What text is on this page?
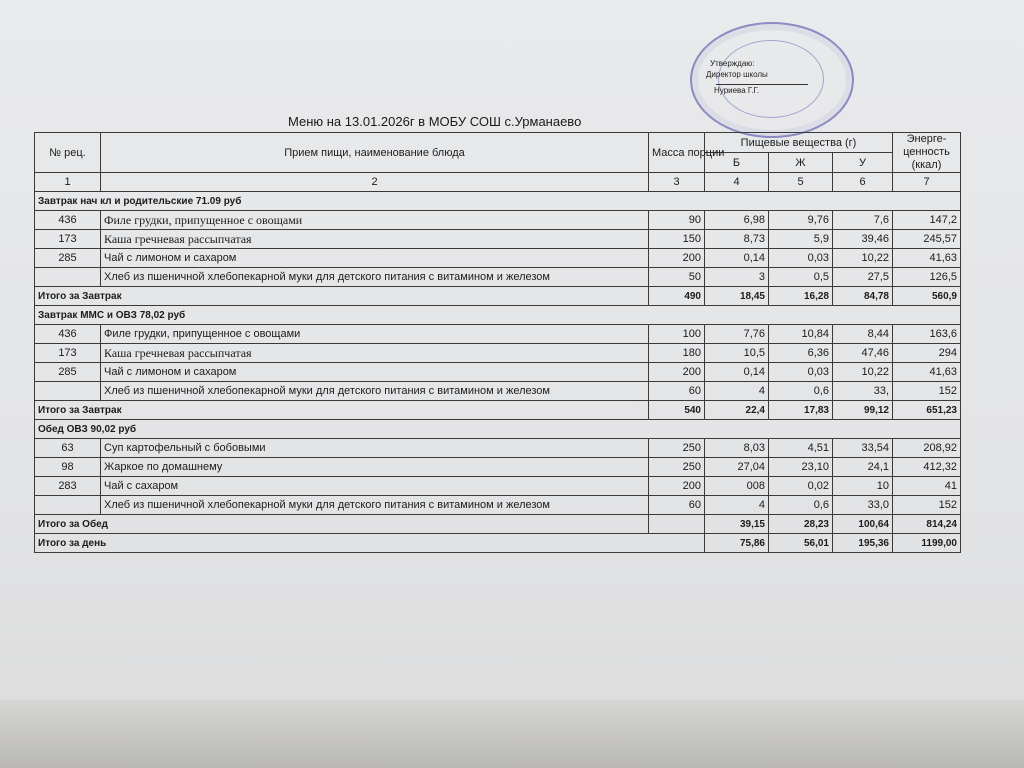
Утверждаю:
Директор школы
Нуриева Г.Г.
Меню на 13.01.2026г в МОБУ СОШ с.Урманаево
№ рец.	Прием пищи, наименование блюда	Масса порции	Пищевые вещества (г)			Энерге-ценность (ккал)
			Б	Ж	У	
1	2	3	4	5	6	7
Завтрак нач кл и родительские 71.09 руб						
436	Филе грудки, припущенное с овощами	90	6,98	9,76	7,6	147,2
173	Каша гречневая рассыпчатая	150	8,73	5,9	39,46	245,57
285	Чай с лимоном и сахаром	200	0,14	0,03	10,22	41,63
	Хлеб из пшеничной хлебопекарной муки для детского питания с витамином и железом	50	3	0,5	27,5	126,5
Итого за Завтрак		490	18,45	16,28	84,78	560,9
Завтрак ММС и ОВЗ 78,02 руб						
436	Филе грудки, припущенное с овощами	100	7,76	10,84	8,44	163,6
173	Каша гречневая рассыпчатая	180	10,5	6,36	47,46	294
285	Чай с лимоном и сахаром	200	0,14	0,03	10,22	41,63
	Хлеб из пшеничной хлебопекарной муки для детского питания с витамином и железом	60	4	0,6	33,	152
Итого за Завтрак		540	22,4	17,83	99,12	651,23
Обед ОВЗ 90,02 руб						
63	Суп картофельный с бобовыми	250	8,03	4,51	33,54	208,92
98	Жаркое по домашнему	250	27,04	23,10	24,1	412,32
283	Чай с сахаром	200	008	0,02	10	41
	Хлеб из пшеничной хлебопекарной муки для детского питания с витамином и железом	60	4	0,6	33,0	152
Итого за Обед			39,15	28,23	100,64	814,24
Итого за день			75,86	56,01	195,36	1199,00
